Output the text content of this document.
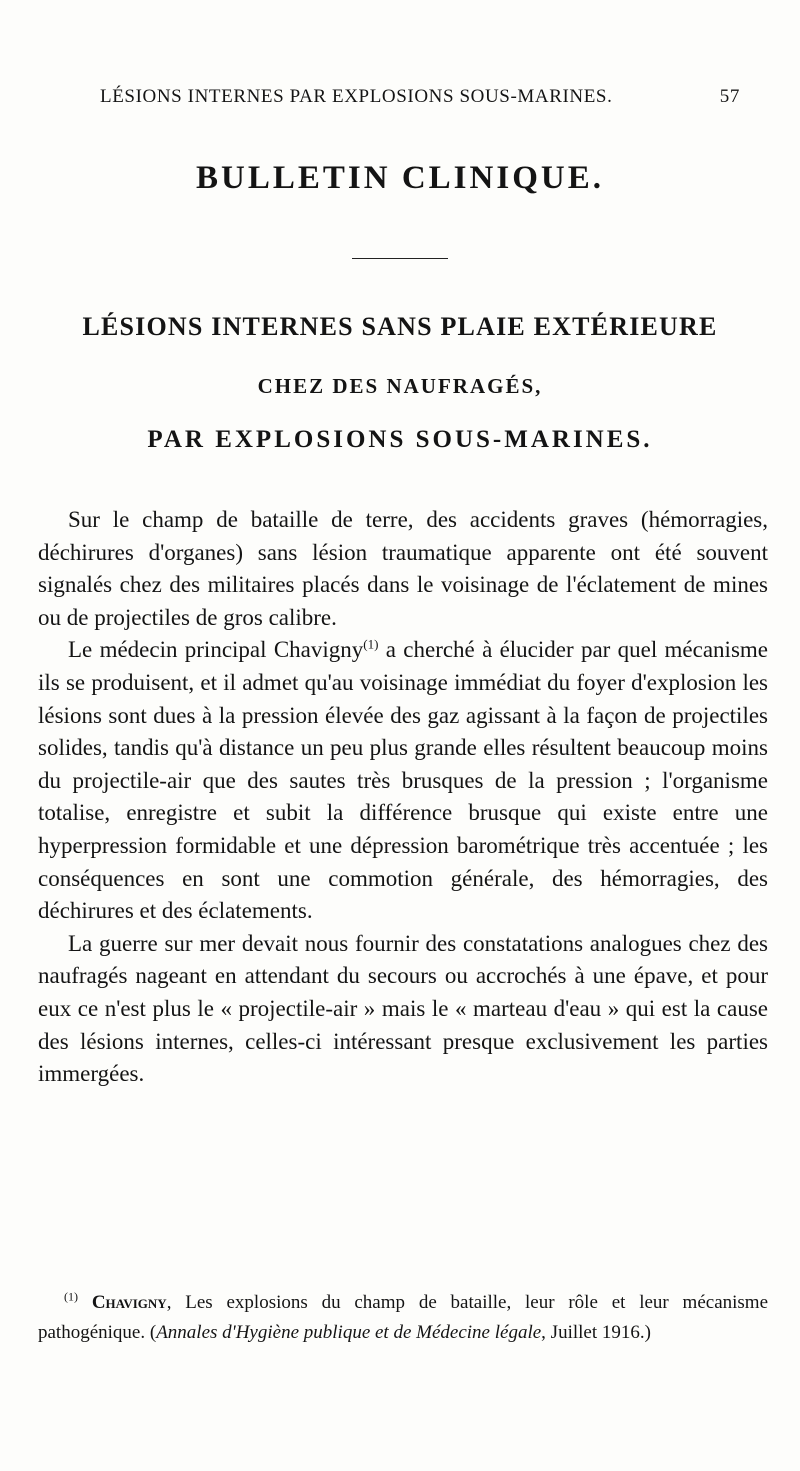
LÉSIONS INTERNES PAR EXPLOSIONS SOUS-MARINES.	57
BULLETIN CLINIQUE.
LÉSIONS INTERNES SANS PLAIE EXTÉRIEURE
CHEZ DES NAUFRAGÉS,
PAR EXPLOSIONS SOUS-MARINES.

Sur le champ de bataille de terre, des accidents graves (hémorragies, déchirures d'organes) sans lésion traumatique apparente ont été souvent signalés chez des militaires placés dans le voisinage de l'éclatement de mines ou de projectiles de gros calibre.

Le médecin principal Chavigny$^{(1)}$ a cherché à élucider par quel mécanisme ils se produisent, et il admet qu'au voisinage immédiat du foyer d'explosion les lésions sont dues à la pression élevée des gaz agissant à la façon de projectiles solides, tandis qu'à distance un peu plus grande elles résultent beaucoup moins du projectile-air que des sautes très brusques de la pression ; l'organisme totalise, enregistre et subit la différence brusque qui existe entre une hyperpression formidable et une dépression barométrique très accentuée ; les conséquences en sont une commotion générale, des hémorragies, des déchirures et des éclatements.

La guerre sur mer devait nous fournir des constatations analogues chez des naufragés nageant en attendant du secours ou accrochés à une épave, et pour eux ce n'est plus le « projectile-air » mais le « marteau d'eau » qui est la cause des lésions internes, celles-ci intéressant presque exclusivement les parties immergées.

$^{(1)}$ Chavigny, Les explosions du champ de bataille, leur rôle et leur mécanisme pathogénique. (Annales d'Hygiène publique et de Médecine légale, Juillet 1916.)
